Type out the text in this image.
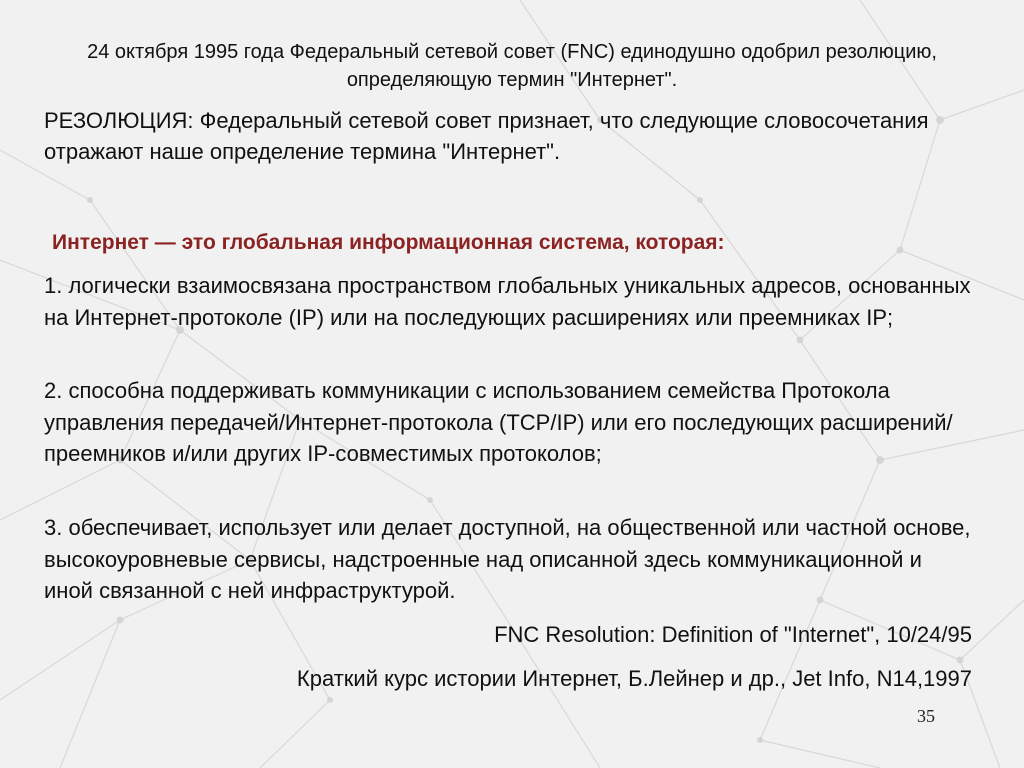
24 октября 1995 года Федеральный сетевой совет (FNC) единодушно одобрил резолюцию, определяющую термин "Интернет".

РЕЗОЛЮЦИЯ: Федеральный сетевой совет признает, что следующие словосочетания отражают наше определение термина "Интернет".

Интернет — это глобальная информационная система, которая:

1. логически взаимосвязана пространством глобальных уникальных адресов, основанных на Интернет-протоколе (IP) или на последующих расширениях или преемниках IP;

2. способна поддерживать коммуникации с использованием семейства Протокола управления передачей/Интернет-протокола (TCP/IP) или его последующих расширений/преемников и/или других IP-совместимых протоколов;

3. обеспечивает, использует или делает доступной, на общественной или частной основе, высокоуровневые сервисы, надстроенные над описанной здесь коммуникационной и иной связанной с ней инфраструктурой.

FNC Resolution: Definition of "Internet", 10/24/95

Краткий курс истории Интернет, Б.Лейнер и др., Jet Info, N14,1997

35
